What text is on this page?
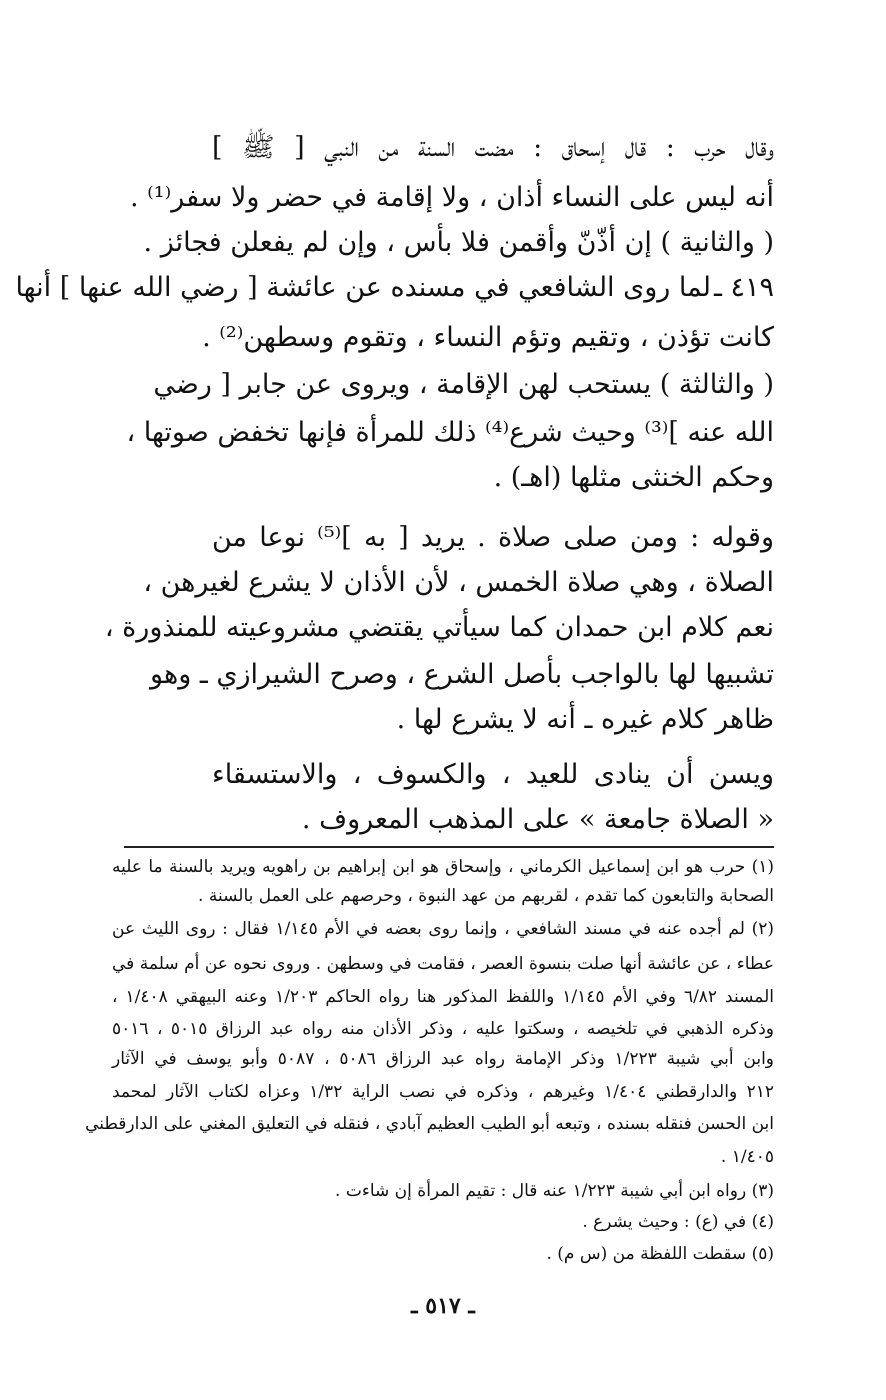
وقال حرب : قال إسحاق : مضت السنة من النبي [ ﷺ ]
أنه ليس على النساء أذان ، ولا إقامة في حضر ولا سفر⁽¹⁾ .
( والثانية ) إن أذّنّ وأقمن فلا بأس ، وإن لم يفعلن فجائز .
٤١٩ ـ
لما روى الشافعي في مسنده عن عائشة [ رضي الله عنها ] أنها
كانت تؤذن ، وتقيم وتؤم النساء ، وتقوم وسطهن⁽²⁾ .
( والثالثة ) يستحب لهن الإقامة ، ويروى عن جابر [ رضي
الله عنه ]⁽³⁾ وحيث شرع⁽⁴⁾ ذلك للمرأة فإنها تخفض صوتها ،
وحكم الخنثى مثلها (اهـ) .
وقوله : ومن صلى صلاة . يريد [ به ]⁽⁵⁾ نوعا من
الصلاة ، وهي صلاة الخمس ، لأن الأذان لا يشرع لغيرهن ،
نعم كلام ابن حمدان كما سيأتي يقتضي مشروعيته للمنذورة ،
تشبيها لها بالواجب بأصل الشرع ، وصرح الشيرازي ـ وهو
ظاهر كلام غيره ـ أنه لا يشرع لها .
ويسن أن ينادى للعيد ، والكسوف ، والاستسقاء
« الصلاة جامعة » على المذهب المعروف .
(١) حرب هو ابن إسماعيل الكرماني ، وإسحاق هو ابن إبراهيم بن راهويه ويريد بالسنة ما عليه
الصحابة والتابعون كما تقدم ، لقربهم من عهد النبوة ، وحرصهم على العمل بالسنة .
(٢) لم أجده عنه في مسند الشافعي ، وإنما روى بعضه في الأم ١/١٤٥ فقال : روى الليث عن
عطاء ، عن عائشة أنها صلت بنسوة العصر ، فقامت في وسطهن . وروى نحوه عن أم سلمة في
المسند ٦/٨٢ وفي الأم ١/١٤٥ واللفظ المذكور هنا رواه الحاكم ١/٢٠٣ وعنه البيهقي ١/٤٠٨ ،
وذكره الذهبي في تلخيصه ، وسكتوا عليه ، وذكر الأذان منه رواه عبد الرزاق ٥٠١٥ ، ٥٠١٦
وابن أبي شيبة ١/٢٢٣ وذكر الإمامة رواه عبد الرزاق ٥٠٨٦ ، ٥٠٨٧ وأبو يوسف في الآثار
٢١٢ والدارقطني ١/٤٠٤ وغيرهم ، وذكره في نصب الراية ١/٣٢ وعزاه لكتاب الآثار لمحمد
ابن الحسن فنقله بسنده ، وتبعه أبو الطيب العظيم آبادي ، فنقله في التعليق المغني على الدارقطني
١/٤٠٥ .
(٣) رواه ابن أبي شيبة ١/٢٢٣ عنه قال : تقيم المرأة إن شاءت .
(٤) في (ع) : وحيث يشرع .
(٥) سقطت اللفظة من (س م) .
ـ ٥١٧ ـ
